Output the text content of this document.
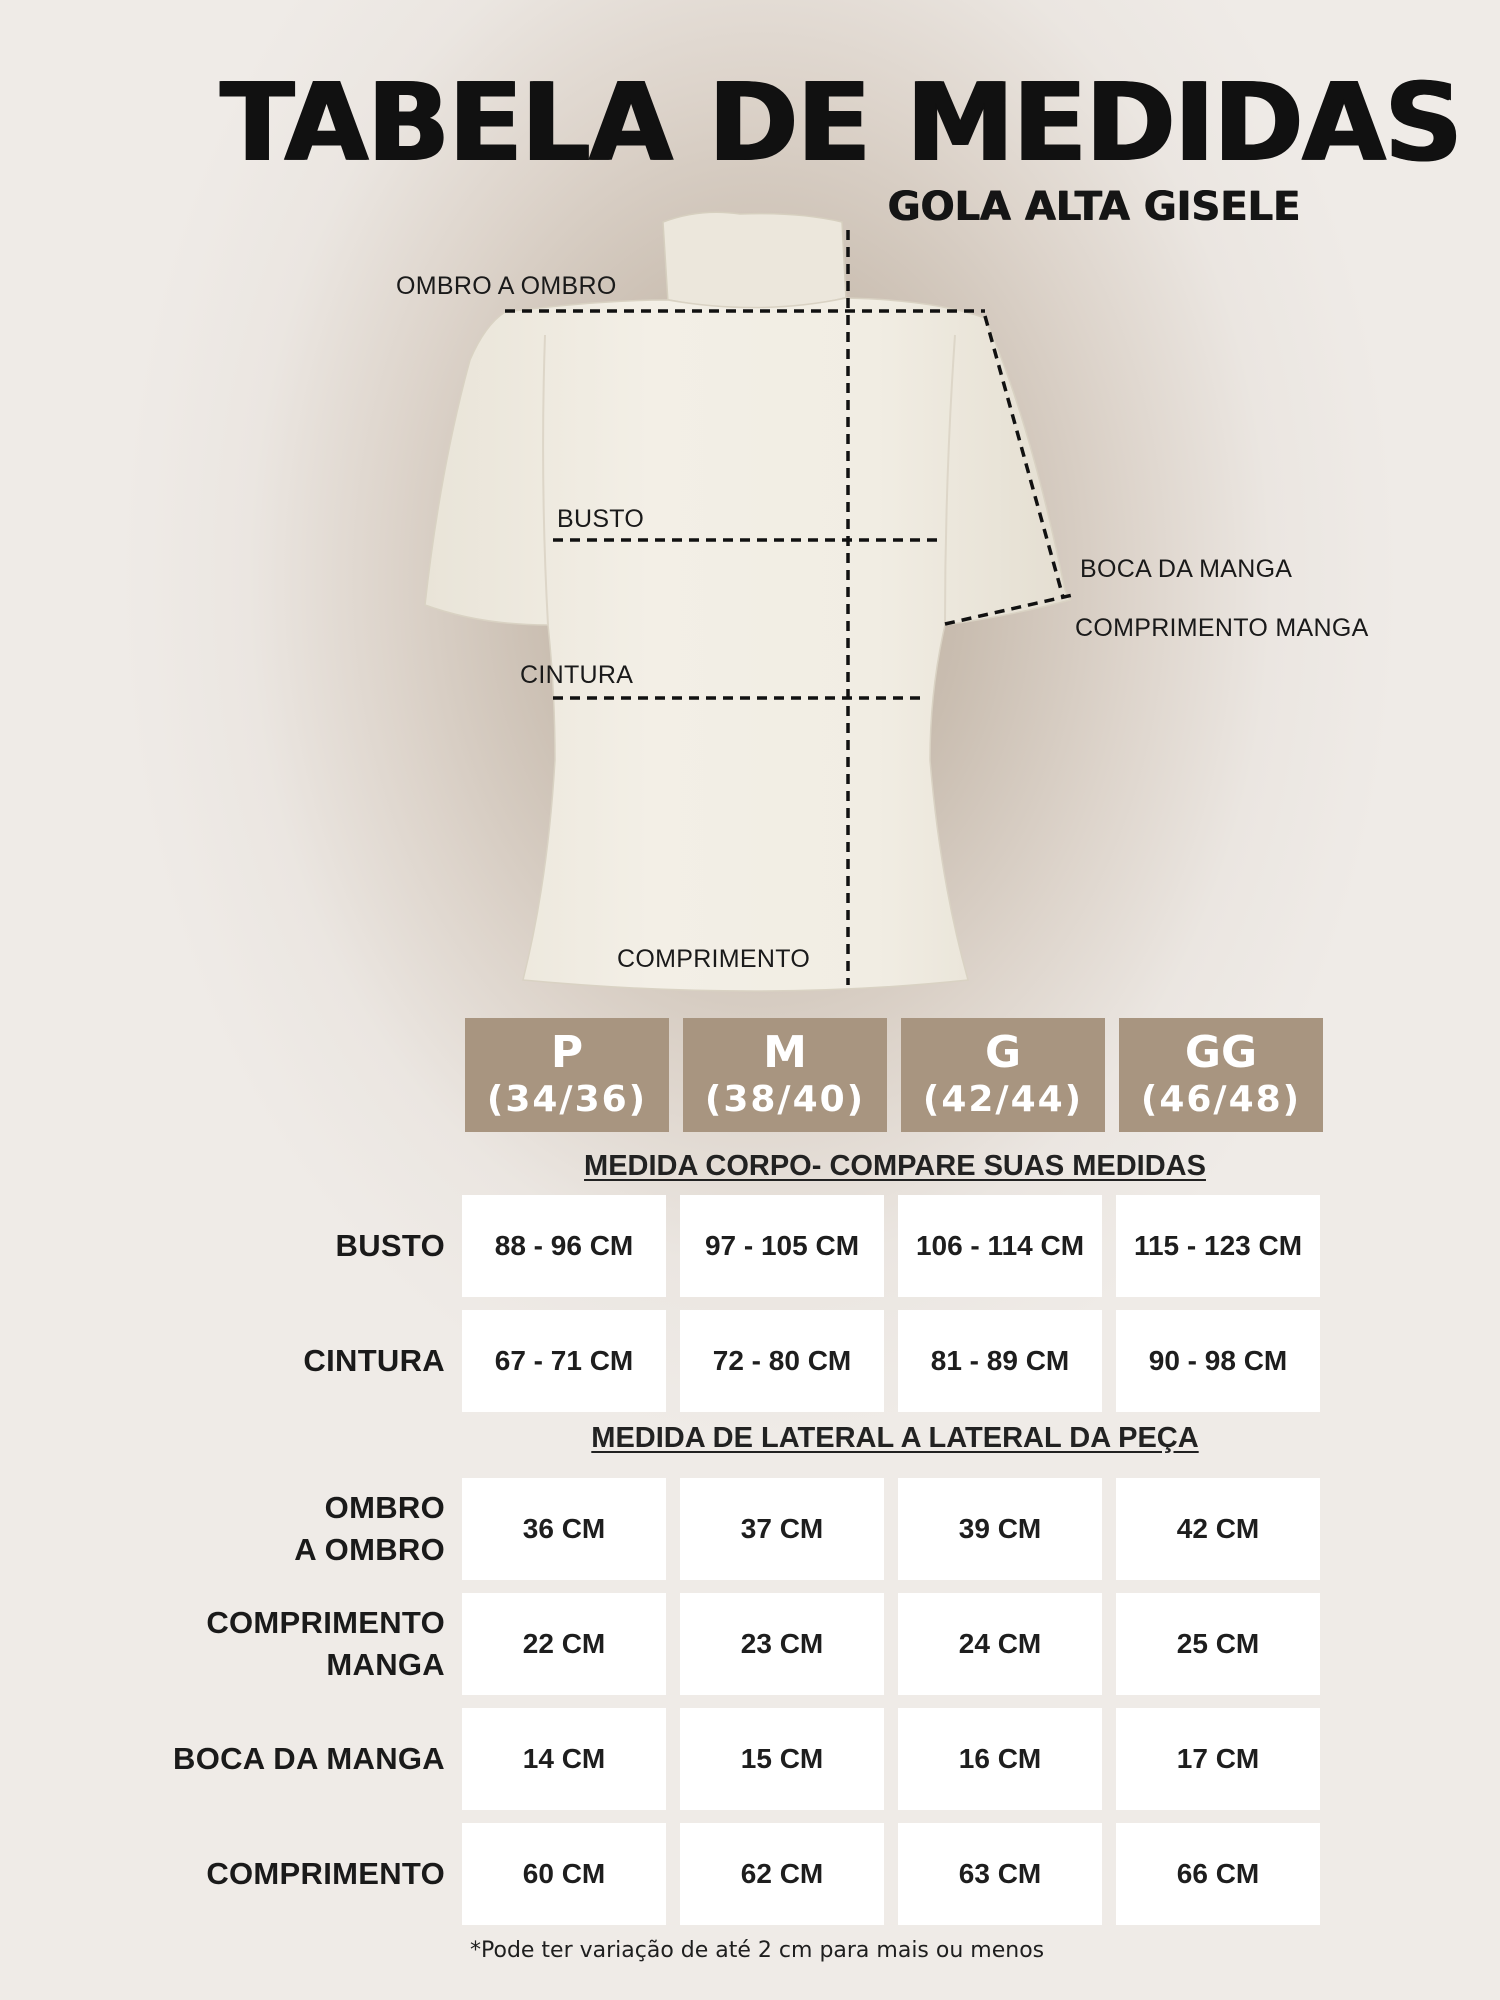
TABELA DE MEDIDAS
GOLA ALTA GISELE
OMBRO A OMBRO
BUSTO
BOCA DA MANGA
COMPRIMENTO MANGA
CINTURA
COMPRIMENTO
P
(34/36)
M
(38/40)
G
(42/44)
GG
(46/48)
MEDIDA CORPO- COMPARE SUAS MEDIDAS
BUSTO	88 - 96 CM	97 - 105 CM	106 - 114 CM	115 - 123 CM
CINTURA	67 - 71 CM	72 - 80 CM	81 - 89 CM	90 - 98 CM
MEDIDA DE LATERAL A LATERAL DA PEÇA
OMBRO
A OMBRO
36 CM	37 CM	39 CM	42 CM
COMPRIMENTO
MANGA
22 CM	23 CM	24 CM	25 CM
BOCA DA MANGA	14 CM	15 CM	16 CM	17 CM
COMPRIMENTO	60 CM	62 CM	63 CM	66 CM
*Pode ter variação de até 2 cm para mais ou menos
